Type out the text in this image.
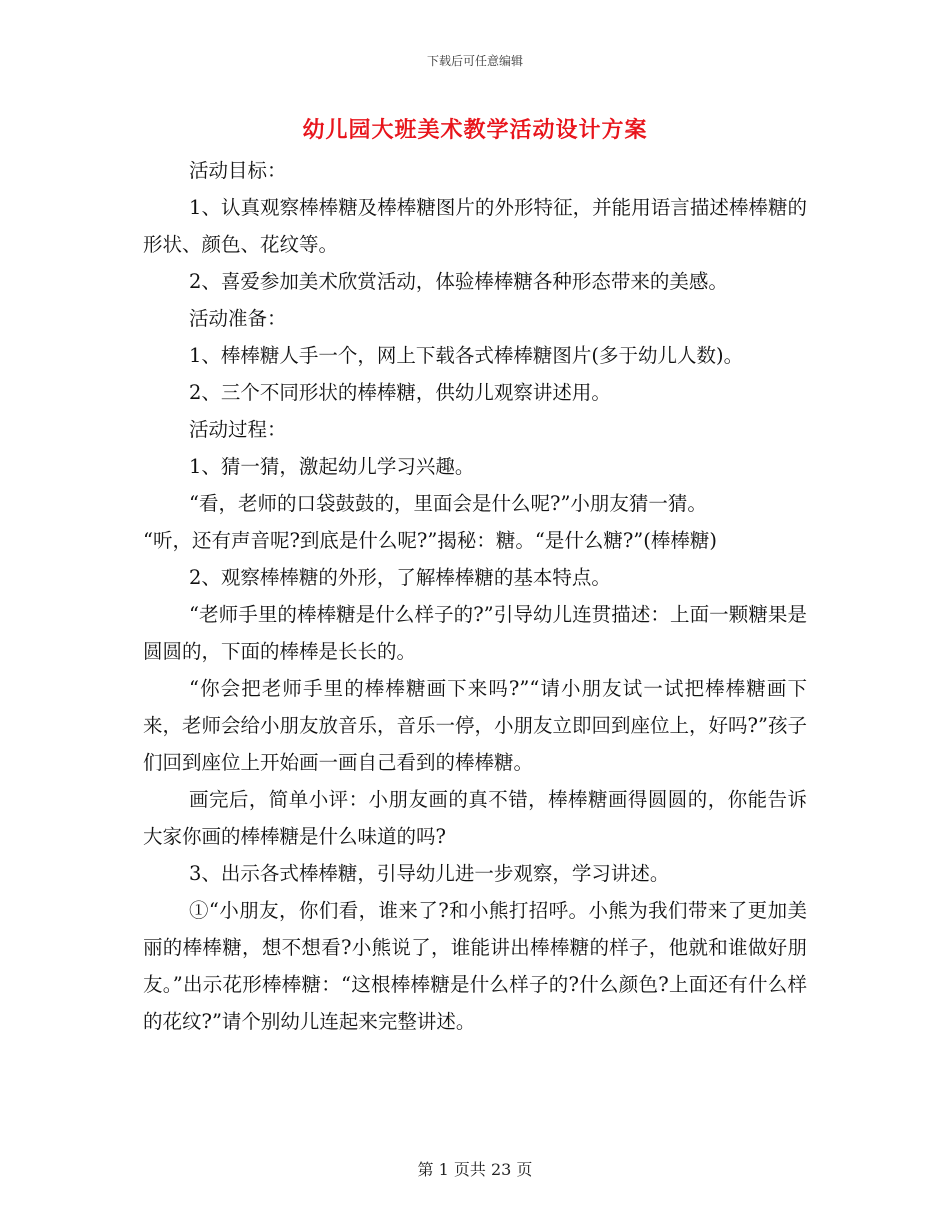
下载后可任意编辑
幼儿园大班美术教学活动设计方案

活动目标：

1、认真观察棒棒糖及棒棒糖图片的外形特征，并能用语言描述棒棒糖的形状、颜色、花纹等。

2、喜爱参加美术欣赏活动，体验棒棒糖各种形态带来的美感。

活动准备：

1、棒棒糖人手一个，网上下载各式棒棒糖图片(多于幼儿人数)。

2、三个不同形状的棒棒糖，供幼儿观察讲述用。

活动过程：

1、猜一猜，激起幼儿学习兴趣。

“看，老师的口袋鼓鼓的，里面会是什么呢?”小朋友猜一猜。

“听，还有声音呢?到底是什么呢?”揭秘：糖。“是什么糖?”(棒棒糖)

2、观察棒棒糖的外形，了解棒棒糖的基本特点。

“老师手里的棒棒糖是什么样子的?”引导幼儿连贯描述：上面一颗糖果是圆圆的，下面的棒棒是长长的。

“你会把老师手里的棒棒糖画下来吗?”“请小朋友试一试把棒棒糖画下来，老师会给小朋友放音乐，音乐一停，小朋友立即回到座位上，好吗?”孩子们回到座位上开始画一画自己看到的棒棒糖。

画完后，简单小评：小朋友画的真不错，棒棒糖画得圆圆的，你能告诉大家你画的棒棒糖是什么味道的吗?

3、出示各式棒棒糖，引导幼儿进一步观察，学习讲述。

①“小朋友，你们看，谁来了?和小熊打招呼。小熊为我们带来了更加美丽的棒棒糖，想不想看?小熊说了，谁能讲出棒棒糖的样子，他就和谁做好朋友。”出示花形棒棒糖：“这根棒棒糖是什么样子的?什么颜色?上面还有什么样的花纹?”请个别幼儿连起来完整讲述。

第 1 页共 23 页
